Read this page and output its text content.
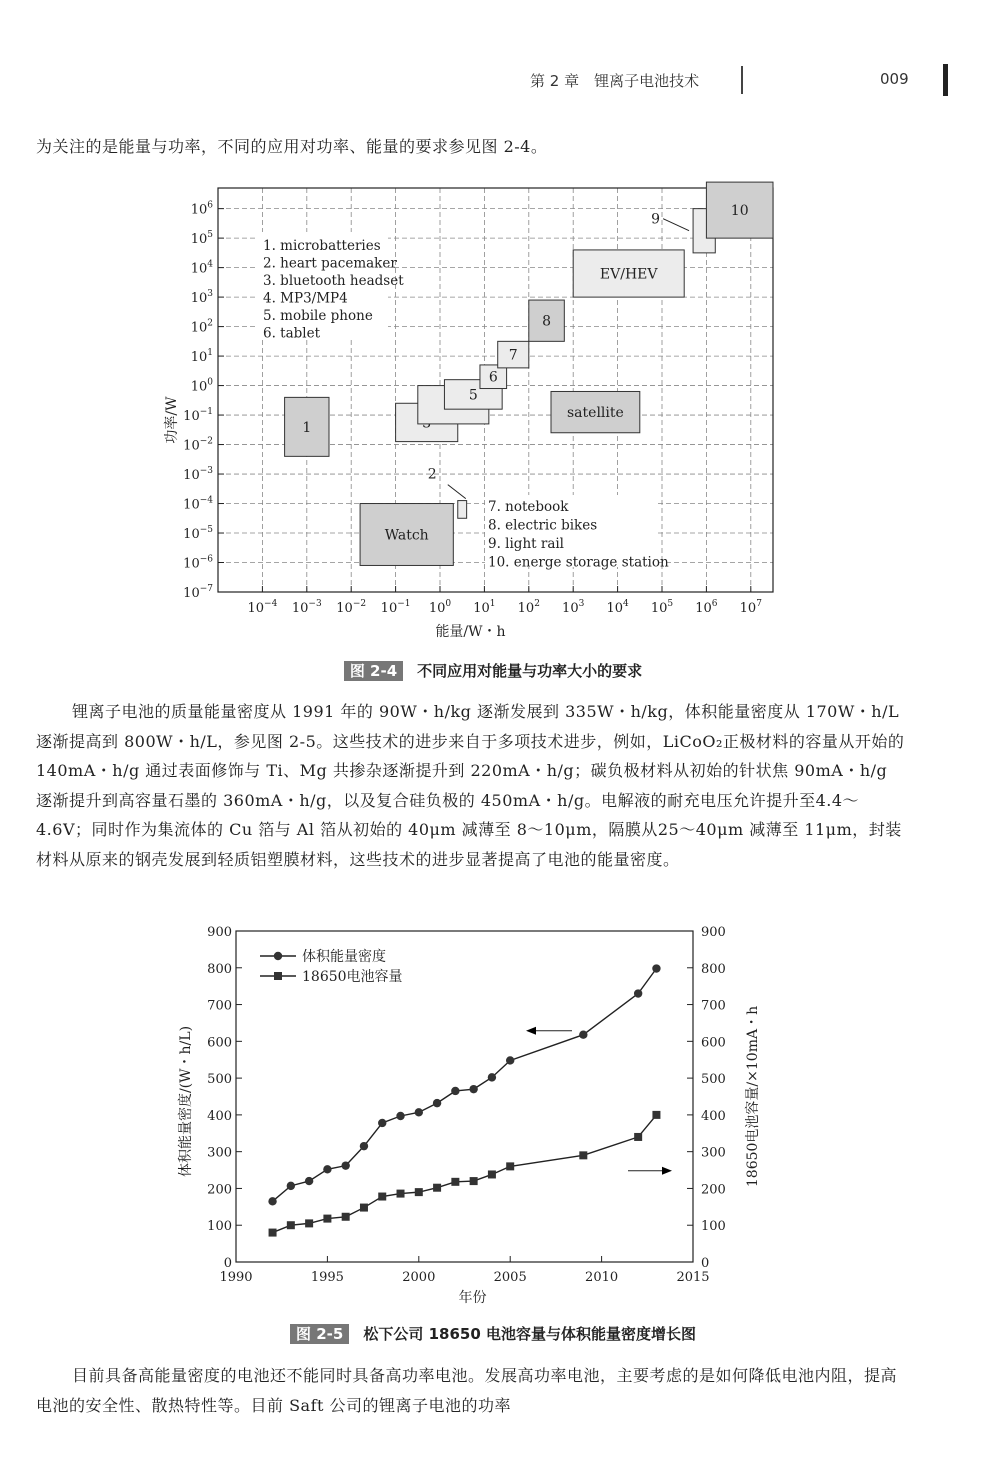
第 2 章　锂离子电池技术	009

为关注的是能量与功率，不同的应用对功率、能量的要求参见图 2-4。

$10^{-4}$ $10^{-3}$ $10^{-2}$ $10^{-1}$ $10^0$ $10^1$ $10^2$ $10^3$ $10^4$ $10^5$ $10^6$ $10^7$
$10^{-7}$
$10^{-6}$
$10^{-5}$
$10^{-4}$
$10^{-3}$
$10^{-2}$
$10^{-1}$
$10^0$
$10^1$
$10^2$
$10^3$
$10^4$
$10^5$
$10^6$
能量/W・h
功率/W	1
5
6
7
8
satellite
Watch
EV/HEV
10
2
9
1. microbatteries
2. heart pacemaker
3. bluetooth headset
4. MP3/MP4
5. mobile phone
6. tablet
7. notebook
8. electric bikes
9. light rail
10. energe storage station
图 2-4 不同应用对能量与功率大小的要求

锂离子电池的质量能量密度从 1991 年的 90W・h/kg 逐渐发展到 335W・h/kg，体积能量密度从 170W・h/L 逐渐提高到 800W・h/L，参见图 2-5。这些技术的进步来自于多项技术进步，例如，LiCoO₂正极材料的容量从开始的 140mA・h/g 通过表面修饰与 Ti、Mg 共掺杂逐渐提升到 220mA・h/g；碳负极材料从初始的针状焦 90mA・h/g 逐渐提升到高容量石墨的 360mA・h/g，以及复合硅负极的 450mA・h/g。电解液的耐充电压允许提升至4.4～4.6V；同时作为集流体的 Cu 箔与 Al 箔从初始的 40μm 减薄至 8～10μm，隔膜从25～40μm 减薄至 11μm，封装材料从原来的钢壳发展到轻质铝塑膜材料，这些技术的进步显著提高了电池的能量密度。

1990	1995	2000	2005	2010	2015
0	0
100	100
200	200
300	300
400	400
500	500
600	600
700	700
800	800
900	900
年份
体积能量密度/(W・h/L)	18650电池容量/×10mA・h
体积能量密度
18650电池容量
图 2-5 松下公司 18650 电池容量与体积能量密度增长图

目前具备高能量密度的电池还不能同时具备高功率电池。发展高功率电池，主要考虑的是如何降低电池内阻，提高电池的安全性、散热特性等。目前 Saft 公司的锂离子电池的功率
